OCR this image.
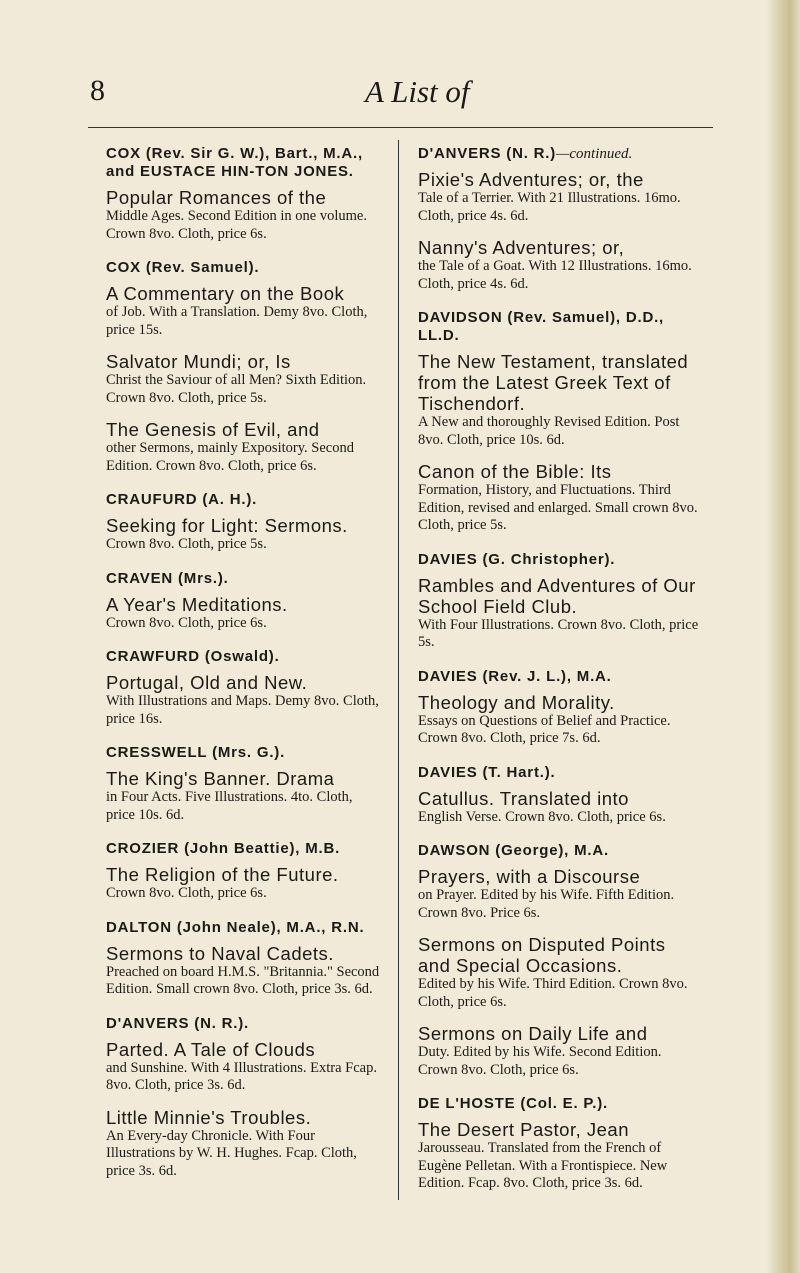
8	A List of
COX (Rev. Sir G. W.), Bart., M.A., and EUSTACE HIN-TON JONES.
Popular Romances of the
Middle Ages. Second Edition in one volume. Crown 8vo. Cloth, price 6s.
COX (Rev. Samuel).
A Commentary on the Book
of Job. With a Translation. Demy 8vo. Cloth, price 15s.
Salvator Mundi; or, Is
Christ the Saviour of all Men? Sixth Edition. Crown 8vo. Cloth, price 5s.
The Genesis of Evil, and
other Sermons, mainly Expository. Second Edition. Crown 8vo. Cloth, price 6s.
CRAUFURD (A. H.).
Seeking for Light: Sermons.
Crown 8vo. Cloth, price 5s.
CRAVEN (Mrs.).
A Year's Meditations.
Crown 8vo. Cloth, price 6s.
CRAWFURD (Oswald).
Portugal, Old and New.
With Illustrations and Maps. Demy 8vo. Cloth, price 16s.
CRESSWELL (Mrs. G.).
The King's Banner. Drama
in Four Acts. Five Illustrations. 4to. Cloth, price 10s. 6d.
CROZIER (John Beattie), M.B.
The Religion of the Future.
Crown 8vo. Cloth, price 6s.
DALTON (John Neale), M.A., R.N.
Sermons to Naval Cadets.
Preached on board H.M.S. "Britannia." Second Edition. Small crown 8vo. Cloth, price 3s. 6d.
D'ANVERS (N. R.).
Parted. A Tale of Clouds
and Sunshine. With 4 Illustrations. Extra Fcap. 8vo. Cloth, price 3s. 6d.
Little Minnie's Troubles.
An Every-day Chronicle. With Four Illustrations by W. H. Hughes. Fcap. Cloth, price 3s. 6d.
D'ANVERS (N. R.)—continued.
Pixie's Adventures; or, the
Tale of a Terrier. With 21 Illustrations. 16mo. Cloth, price 4s. 6d.
Nanny's Adventures; or,
the Tale of a Goat. With 12 Illustrations. 16mo. Cloth, price 4s. 6d.
DAVIDSON (Rev. Samuel), D.D., LL.D.
The New Testament, translated from the Latest Greek Text of Tischendorf.
A New and thoroughly Revised Edition. Post 8vo. Cloth, price 10s. 6d.
Canon of the Bible: Its
Formation, History, and Fluctuations. Third Edition, revised and enlarged. Small crown 8vo. Cloth, price 5s.
DAVIES (G. Christopher).
Rambles and Adventures of Our School Field Club.
With Four Illustrations. Crown 8vo. Cloth, price 5s.
DAVIES (Rev. J. L.), M.A.
Theology and Morality.
Essays on Questions of Belief and Practice. Crown 8vo. Cloth, price 7s. 6d.
DAVIES (T. Hart.).
Catullus. Translated into
English Verse. Crown 8vo. Cloth, price 6s.
DAWSON (George), M.A.
Prayers, with a Discourse
on Prayer. Edited by his Wife. Fifth Edition. Crown 8vo. Price 6s.
Sermons on Disputed Points and Special Occasions.
Edited by his Wife. Third Edition. Crown 8vo. Cloth, price 6s.
Sermons on Daily Life and
Duty. Edited by his Wife. Second Edition. Crown 8vo. Cloth, price 6s.
DE L'HOSTE (Col. E. P.).
The Desert Pastor, Jean
Jarousseau. Translated from the French of Eugène Pelletan. With a Frontispiece. New Edition. Fcap. 8vo. Cloth, price 3s. 6d.
